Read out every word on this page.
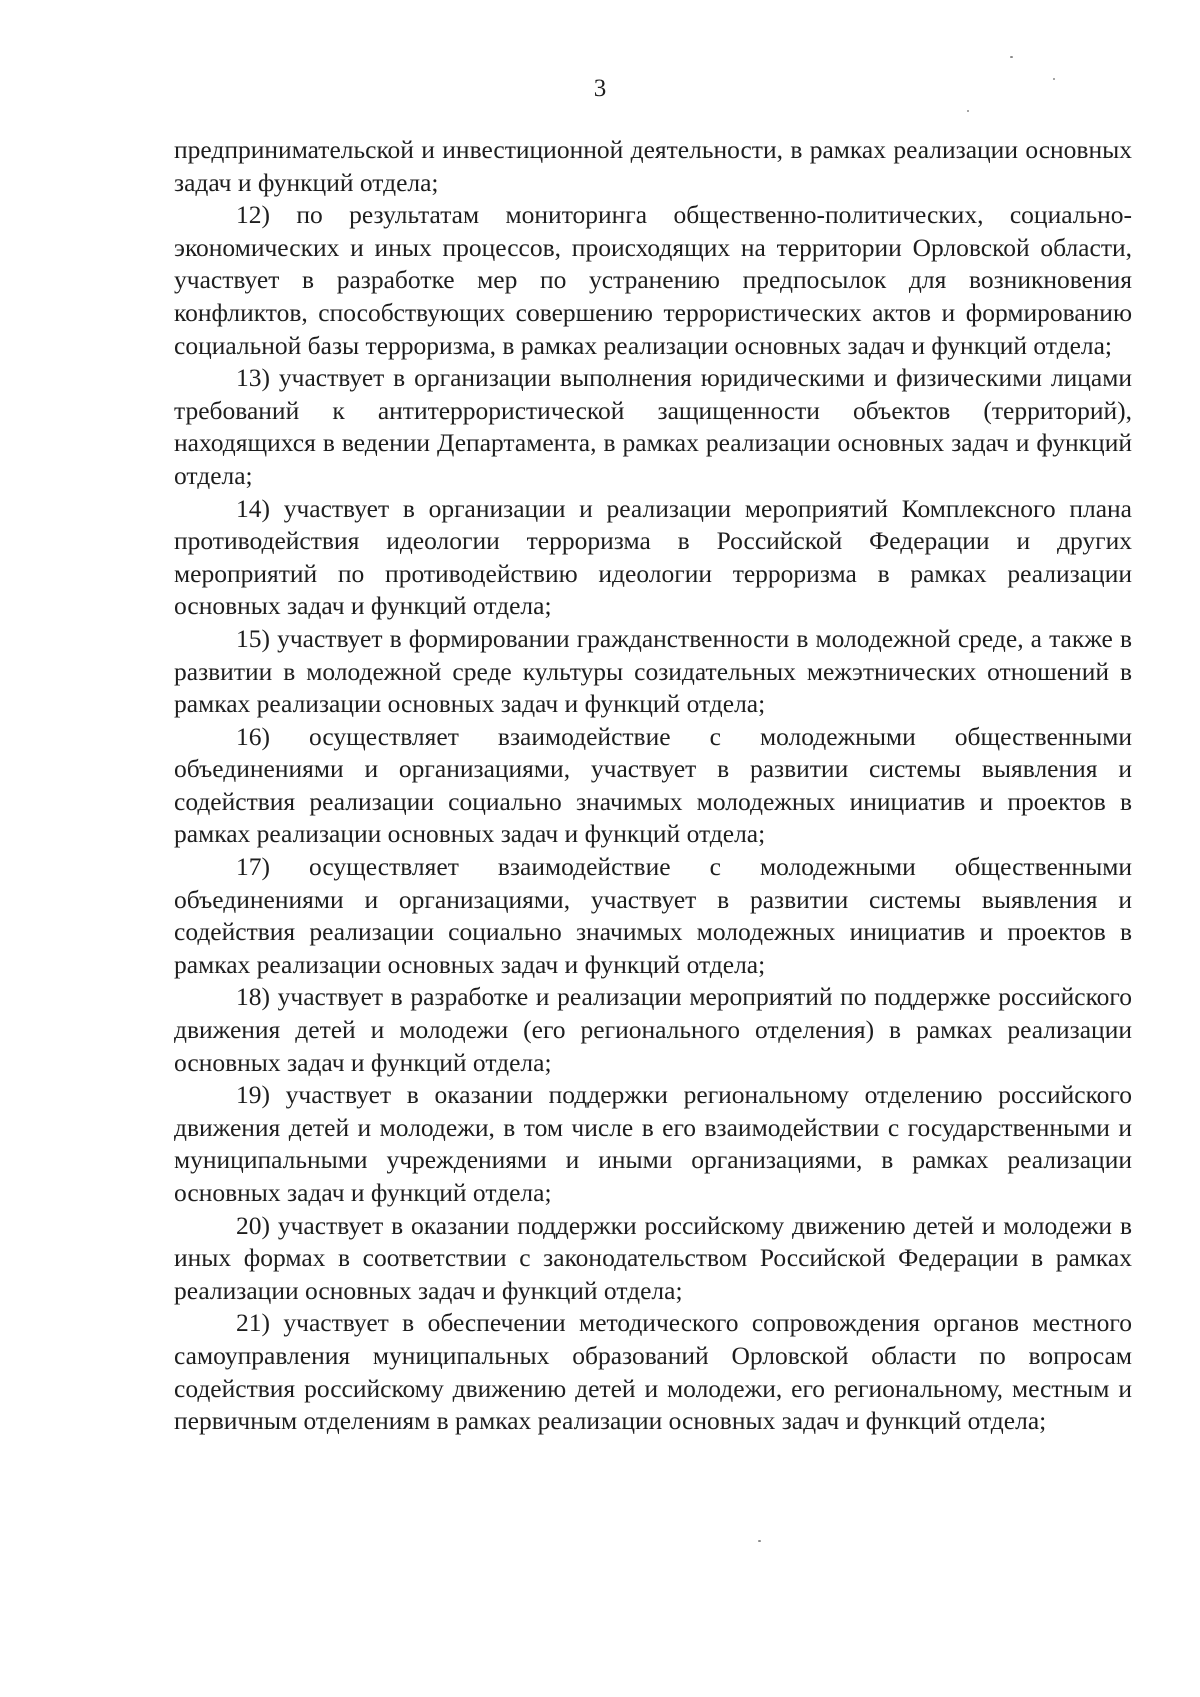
3

предпринимательской и инвестиционной деятельности, в рамках реализации основных задач и функций отдела;

12) по результатам мониторинга общественно-политических, социально-экономических и иных процессов, происходящих на территории Орловской области, участвует в разработке мер по устранению предпосылок для возникновения конфликтов, способствующих совершению террористических актов и формированию социальной базы терроризма, в рамках реализации основных задач и функций отдела;

13) участвует в организации выполнения юридическими и физическими лицами требований к антитеррористической защищенности объектов (территорий), находящихся в ведении Департамента, в рамках реализации основных задач и функций отдела;

14) участвует в организации и реализации мероприятий Комплексного плана противодействия идеологии терроризма в Российской Федерации и других мероприятий по противодействию идеологии терроризма в рамках реализации основных задач и функций отдела;

15) участвует в формировании гражданственности в молодежной среде, а также в развитии в молодежной среде культуры созидательных межэтнических отношений в рамках реализации основных задач и функций отдела;

16) осуществляет взаимодействие с молодежными общественными объединениями и организациями, участвует в развитии системы выявления и содействия реализации социально значимых молодежных инициатив и проектов в рамках реализации основных задач и функций отдела;

17) осуществляет взаимодействие с молодежными общественными объединениями и организациями, участвует в развитии системы выявления и содействия реализации социально значимых молодежных инициатив и проектов в рамках реализации основных задач и функций отдела;

18) участвует в разработке и реализации мероприятий по поддержке российского движения детей и молодежи (его регионального отделения) в рамках реализации основных задач и функций отдела;

19) участвует в оказании поддержки региональному отделению российского движения детей и молодежи, в том числе в его взаимодействии с государственными и муниципальными учреждениями и иными организациями, в рамках реализации основных задач и функций отдела;

20) участвует в оказании поддержки российскому движению детей и молодежи в иных формах в соответствии с законодательством Российской Федерации в рамках реализации основных задач и функций отдела;

21) участвует в обеспечении методического сопровождения органов местного самоуправления муниципальных образований Орловской области по вопросам содействия российскому движению детей и молодежи, его региональному, местным и первичным отделениям в рамках реализации основных задач и функций отдела;
